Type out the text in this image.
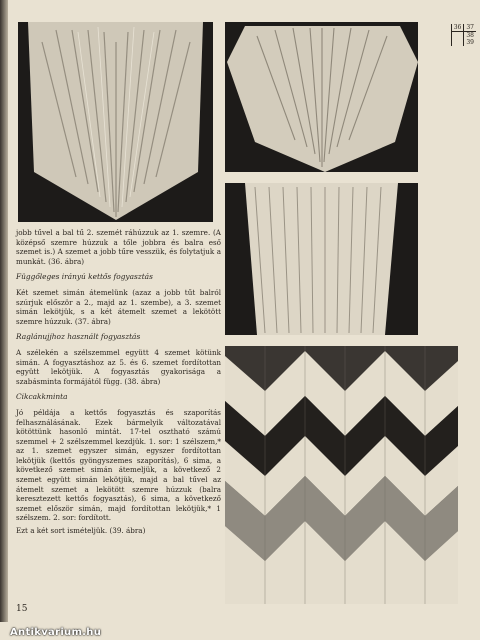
36	37
	38
	39

jobb tűvel a bal tű 2. szemét ráhúzzuk az 1. szemre. (A középső szemre húzzuk a tőle jobbra és balra eső szemet is.) A szemet a jobb tűre vesszük, és folytatjuk a munkát. (36. ábra)

Függőleges irányú kettős fogyasztás

Két szemet simán átemelünk (azaz a jobb tűt balról szúrjuk először a 2., majd az 1. szembe), a 3. szemet simán lekötjük, s a két átemelt szemet a lekötött szemre húzzuk. (37. ábra)

Raglánujjhoz használt fogyasztás

A szélekén a szélszemmel együtt 4 szemet kötünk simán. A fogyasztáshoz az 5. és 6. szemet fordítottan együtt lekötjük. A fogyasztás gyakorisága a szabásminta formájától függ. (38. ábra)

Cikcakkminta

Jó példája a kettős fogyasztás és szaporítás felhasználásának. Ezek bármelyik változatával kötöttünk hasonló mintát. 17-tel osztható számú szemmel + 2 szélszemmel kezdjük. 1. sor: 1 szélszem,* az 1. szemet egyszer simán, egyszer fordítottan lekötjük (kettős gyöngyszemes szaporítás), 6 sima, a következő szemet simán átemeljük, a következő 2 szemet együtt simán lekötjük, majd a bal tűvel az átemelt szemet a lekötött szemre húzzuk (balra keresztezett kettős fogyasztás), 6 sima, a következő szemet először simán, majd fordítottan lekötjük,* 1 szélszem. 2. sor: fordított.

Ezt a két sort ismételjük. (39. ábra)

15
Antikvarium.hu
